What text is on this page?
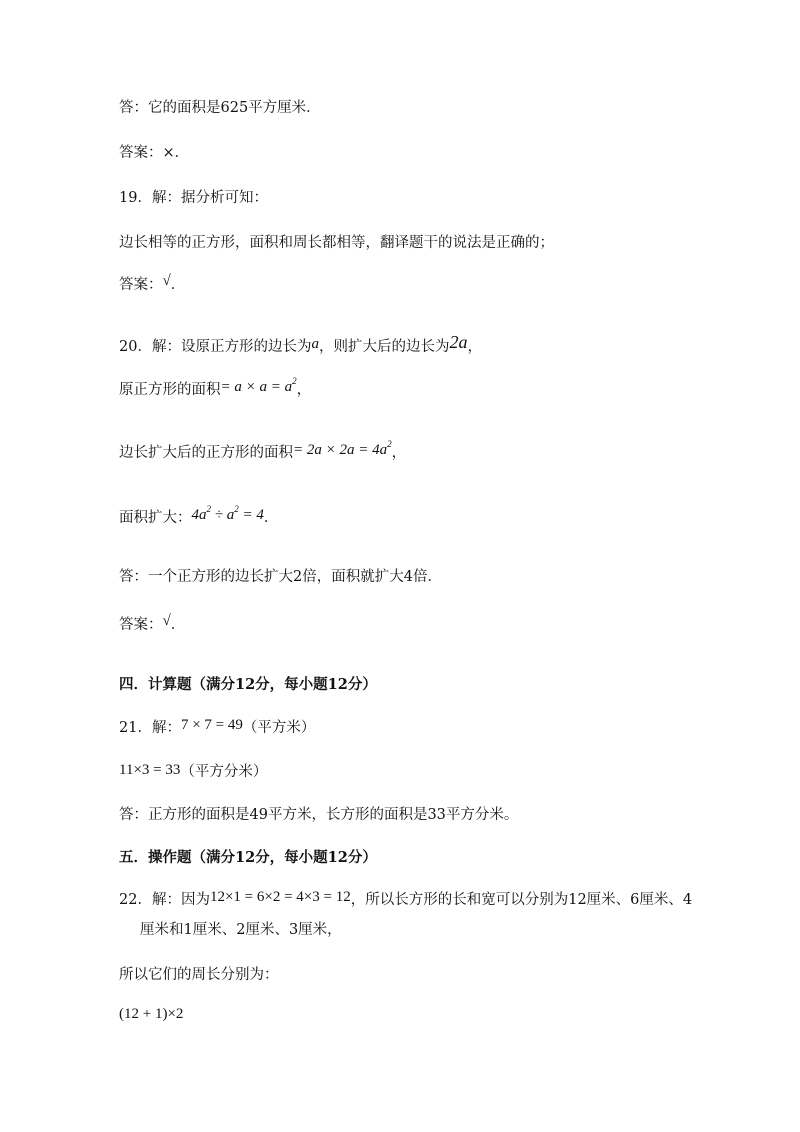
答：它的面积是625平方厘米．
答案：×．
19．解：据分析可知：
边长相等的正方形，面积和周长都相等，翻译题干的说法是正确的；
答案：√．
20．解：设原正方形的边长为a，则扩大后的边长为2a，
原正方形的面积= $a \times a = a^2$，
边长扩大后的正方形的面积= $2a \times 2a = 4a^2$，
面积扩大：$4a^2 \div a^2 = 4$．
答：一个正方形的边长扩大2倍，面积就扩大4倍．
答案：√．
四．计算题（满分12分，每小题12分）
21．解：7 × 7 = 49（平方米）
11×3 = 33（平方分米）
答：正方形的面积是49平方米，长方形的面积是33平方分米。
五．操作题（满分12分，每小题12分）
22．解：因为12×1 = 6×2 = 4×3 = 12，所以长方形的长和宽可以分别为12厘米、6厘米、4
厘米和1厘米、2厘米、3厘米，
所以它们的周长分别为：
(12 + 1)×2
